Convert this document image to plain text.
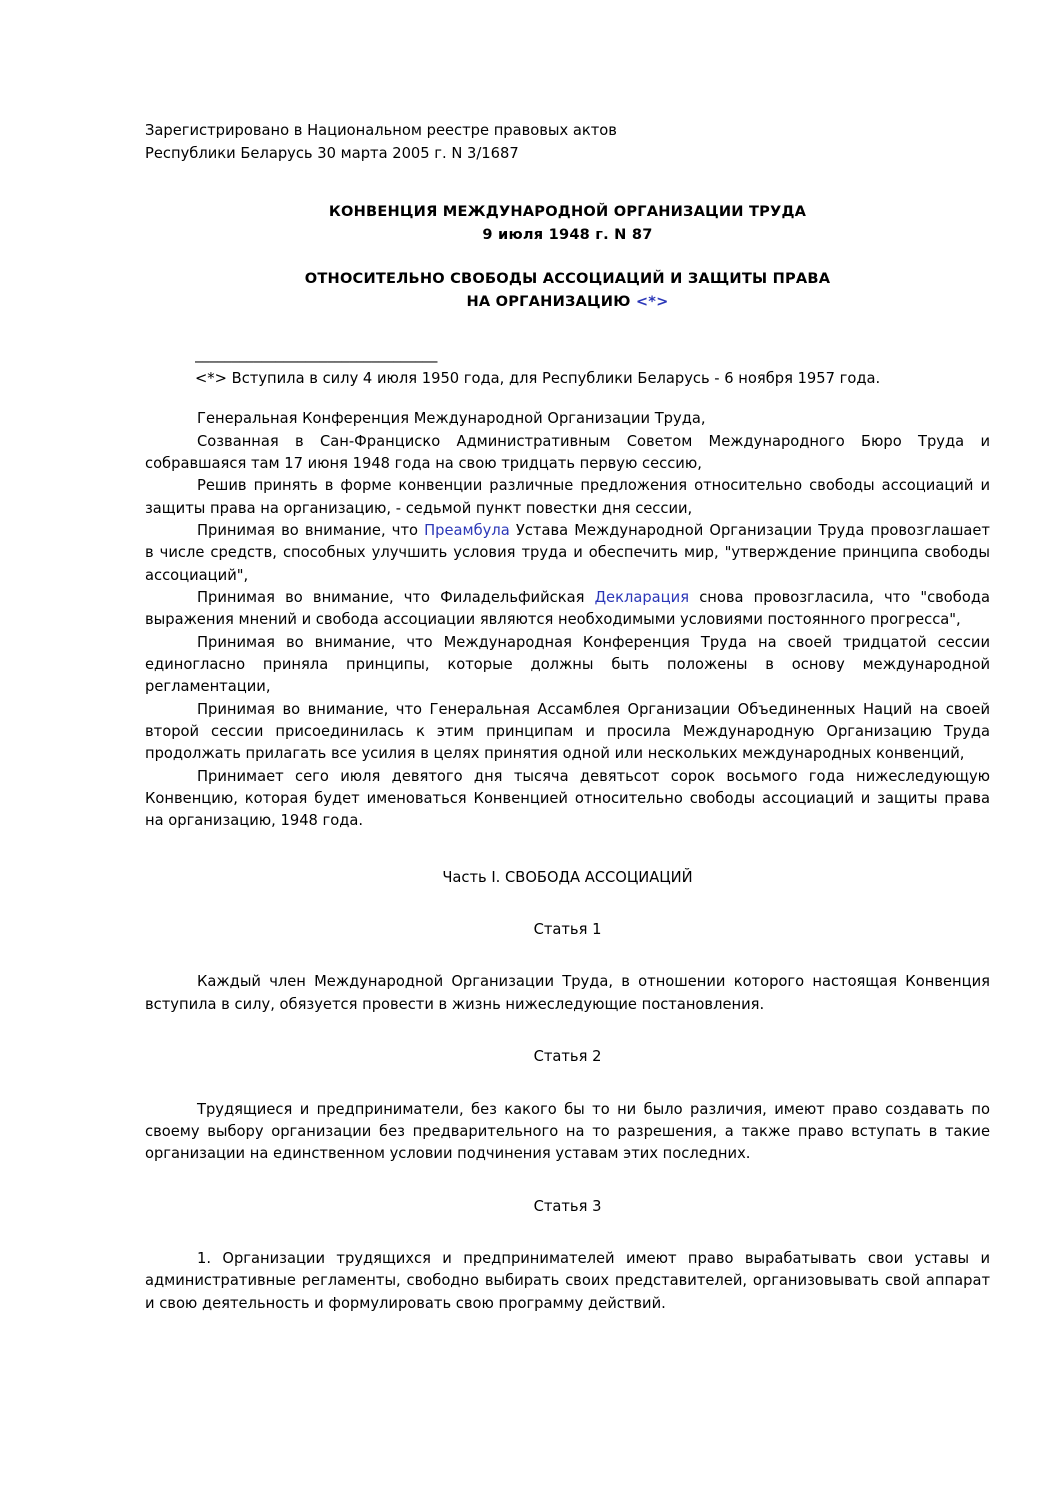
Зарегистрировано в Национальном реестре правовых актов

Республики Беларусь 30 марта 2005 г. N 3/1687

КОНВЕНЦИЯ МЕЖДУНАРОДНОЙ ОРГАНИЗАЦИИ ТРУДА
9 июля 1948 г. N 87
ОТНОСИТЕЛЬНО СВОБОДЫ АССОЦИАЦИЙ И ЗАЩИТЫ ПРАВА
НА ОРГАНИЗАЦИЮ <*>
_________________________________

<*> Вступила в силу 4 июля 1950 года, для Республики Беларусь - 6 ноября 1957 года.

Генеральная Конференция Международной Организации Труда,

Созванная в Сан-Франциско Административным Советом Международного Бюро Труда и собравшаяся там 17 июня 1948 года на свою тридцать первую сессию,

Решив принять в форме конвенции различные предложения относительно свободы ассоциаций и защиты права на организацию, - седьмой пункт повестки дня сессии,

Принимая во внимание, что Преамбула Устава Международной Организации Труда провозглашает в числе средств, способных улучшить условия труда и обеспечить мир, "утверждение принципа свободы ассоциаций",

Принимая во внимание, что Филадельфийская Декларация снова провозгласила, что "свобода выражения мнений и свобода ассоциации являются необходимыми условиями постоянного прогресса",

Принимая во внимание, что Международная Конференция Труда на своей тридцатой сессии единогласно приняла принципы, которые должны быть положены в основу международной регламентации,

Принимая во внимание, что Генеральная Ассамблея Организации Объединенных Наций на своей второй сессии присоединилась к этим принципам и просила Международную Организацию Труда продолжать прилагать все усилия в целях принятия одной или нескольких международных конвенций,

Принимает сего июля девятого дня тысяча девятьсот сорок восьмого года нижеследующую Конвенцию, которая будет именоваться Конвенцией относительно свободы ассоциаций и защиты права на организацию, 1948 года.

Часть I. СВОБОДА АССОЦИАЦИЙ

Статья 1

Каждый член Международной Организации Труда, в отношении которого настоящая Конвенция вступила в силу, обязуется провести в жизнь нижеследующие постановления.

Статья 2

Трудящиеся и предприниматели, без какого бы то ни было различия, имеют право создавать по своему выбору организации без предварительного на то разрешения, а также право вступать в такие организации на единственном условии подчинения уставам этих последних.

Статья 3

1. Организации трудящихся и предпринимателей имеют право вырабатывать свои уставы и административные регламенты, свободно выбирать своих представителей, организовывать свой аппарат и свою деятельность и формулировать свою программу действий.
